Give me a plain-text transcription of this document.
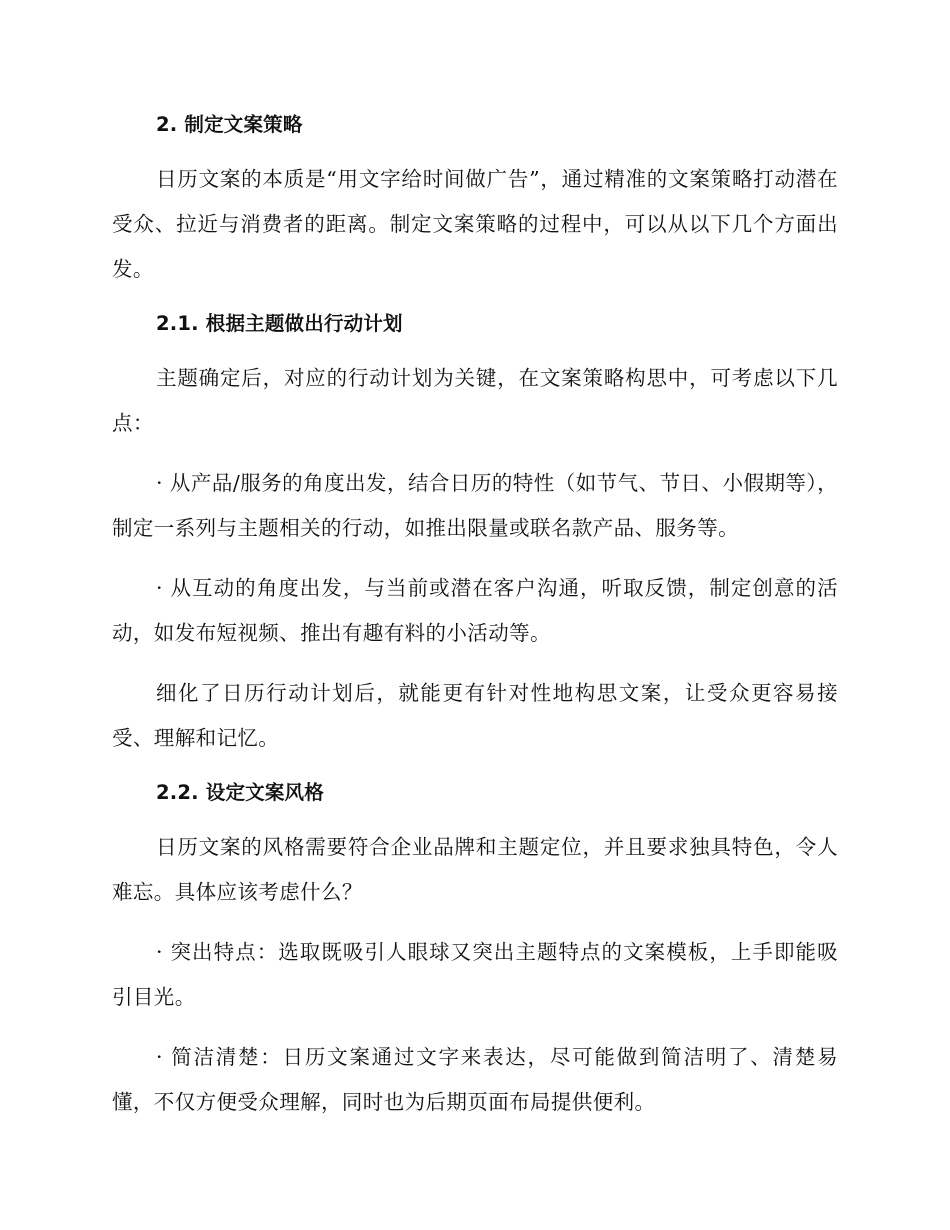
2. 制定文案策略

日历文案的本质是“用文字给时间做广告”，通过精准的文案策略打动潜在受众、拉近与消费者的距离。制定文案策略的过程中，可以从以下几个方面出发。

2.1. 根据主题做出行动计划

主题确定后，对应的行动计划为关键，在文案策略构思中，可考虑以下几点：

· 从产品/服务的角度出发，结合日历的特性（如节气、节日、小假期等），制定一系列与主题相关的行动，如推出限量或联名款产品、服务等。

· 从互动的角度出发，与当前或潜在客户沟通，听取反馈，制定创意的活动，如发布短视频、推出有趣有料的小活动等。

细化了日历行动计划后，就能更有针对性地构思文案，让受众更容易接受、理解和记忆。

2.2. 设定文案风格

日历文案的风格需要符合企业品牌和主题定位，并且要求独具特色，令人难忘。具体应该考虑什么？

· 突出特点：选取既吸引人眼球又突出主题特点的文案模板，上手即能吸引目光。

· 简洁清楚：日历文案通过文字来表达，尽可能做到简洁明了、清楚易懂，不仅方便受众理解，同时也为后期页面布局提供便利。
